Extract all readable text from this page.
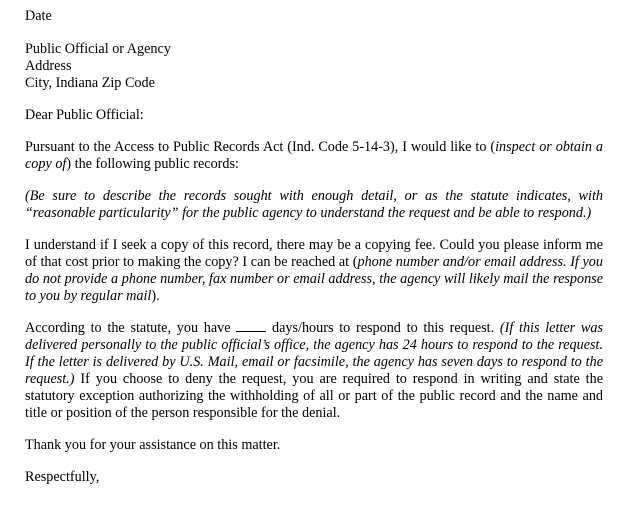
Date
Public Official or Agency
Address
City, Indiana Zip Code
Dear Public Official:

Pursuant to the Access to Public Records Act (Ind. Code 5-14-3), I would like to (inspect or obtain a copy of) the following public records:

(Be sure to describe the records sought with enough detail, or as the statute indicates, with “reasonable particularity” for the public agency to understand the request and be able to respond.)

I understand if I seek a copy of this record, there may be a copying fee. Could you please inform me of that cost prior to making the copy? I can be reached at (phone number and/or email address. If you do not provide a phone number, fax number or email address, the agency will likely mail the response to you by regular mail).

According to the statute, you have  days/hours to respond to this request. (If this letter was delivered personally to the public official’s office, the agency has 24 hours to respond to the request. If the letter is delivered by U.S. Mail, email or facsimile, the agency has seven days to respond to the request.) If you choose to deny the request, you are required to respond in writing and state the statutory exception authorizing the withholding of all or part of the public record and the name and title or position of the person responsible for the denial.

Thank you for your assistance on this matter.
Respectfully,
